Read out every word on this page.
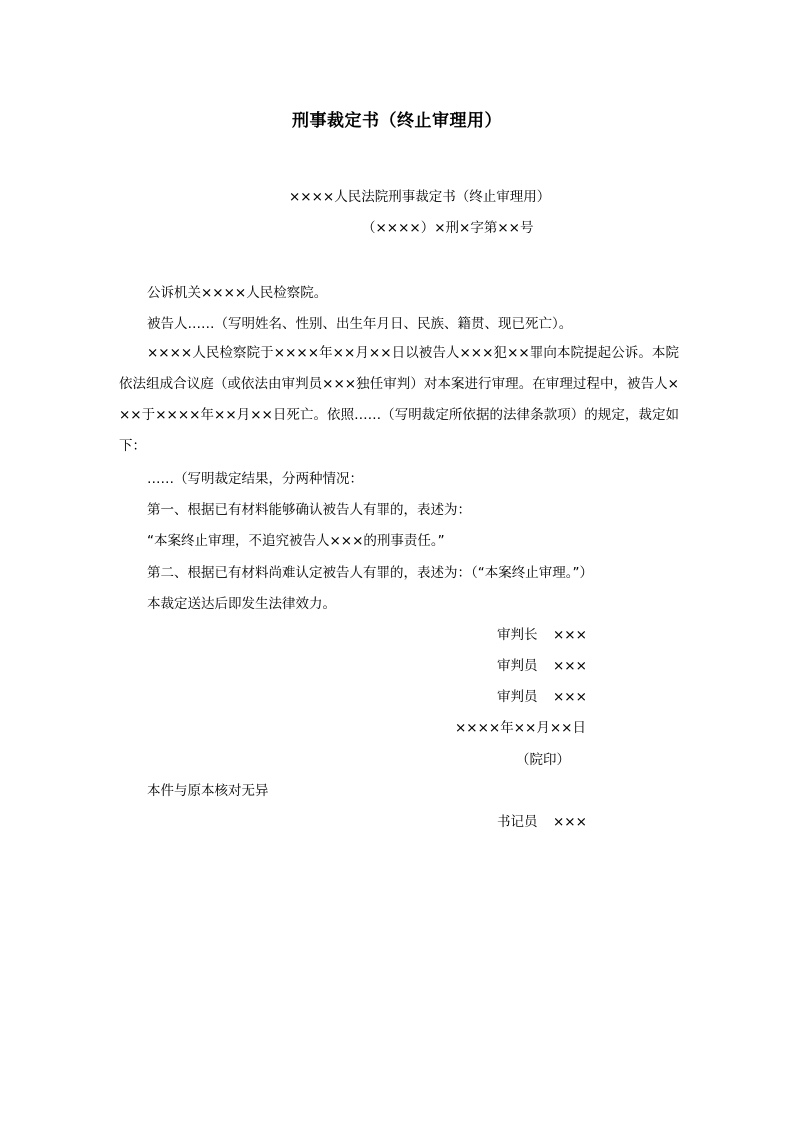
刑事裁定书（终止审理用）
××××人民法院刑事裁定书（终止审理用）
（××××）×刑×字第××号
公诉机关××××人民检察院。
被告人……（写明姓名、性别、出生年月日、民族、籍贯、现已死亡）。
××××人民检察院于××××年××月××日以被告人×××犯××罪向本院提起公诉。本院依法组成合议庭（或依法由审判员×××独任审判）对本案进行审理。在审理过程中，被告人×××于××××年××月××日死亡。依照……（写明裁定所依据的法律条款项）的规定，裁定如下：
……（写明裁定结果，分两种情况：
第一、根据已有材料能够确认被告人有罪的，表述为：
“本案终止审理，不追究被告人×××的刑事责任。”
第二、根据已有材料尚难认定被告人有罪的，表述为：（“本案终止审理。”）
本裁定送达后即发生法律效力。
审判长 ×××
审判员 ×××
审判员 ×××
××××年××月××日
（院印）
本件与原本核对无异
书记员 ×××
